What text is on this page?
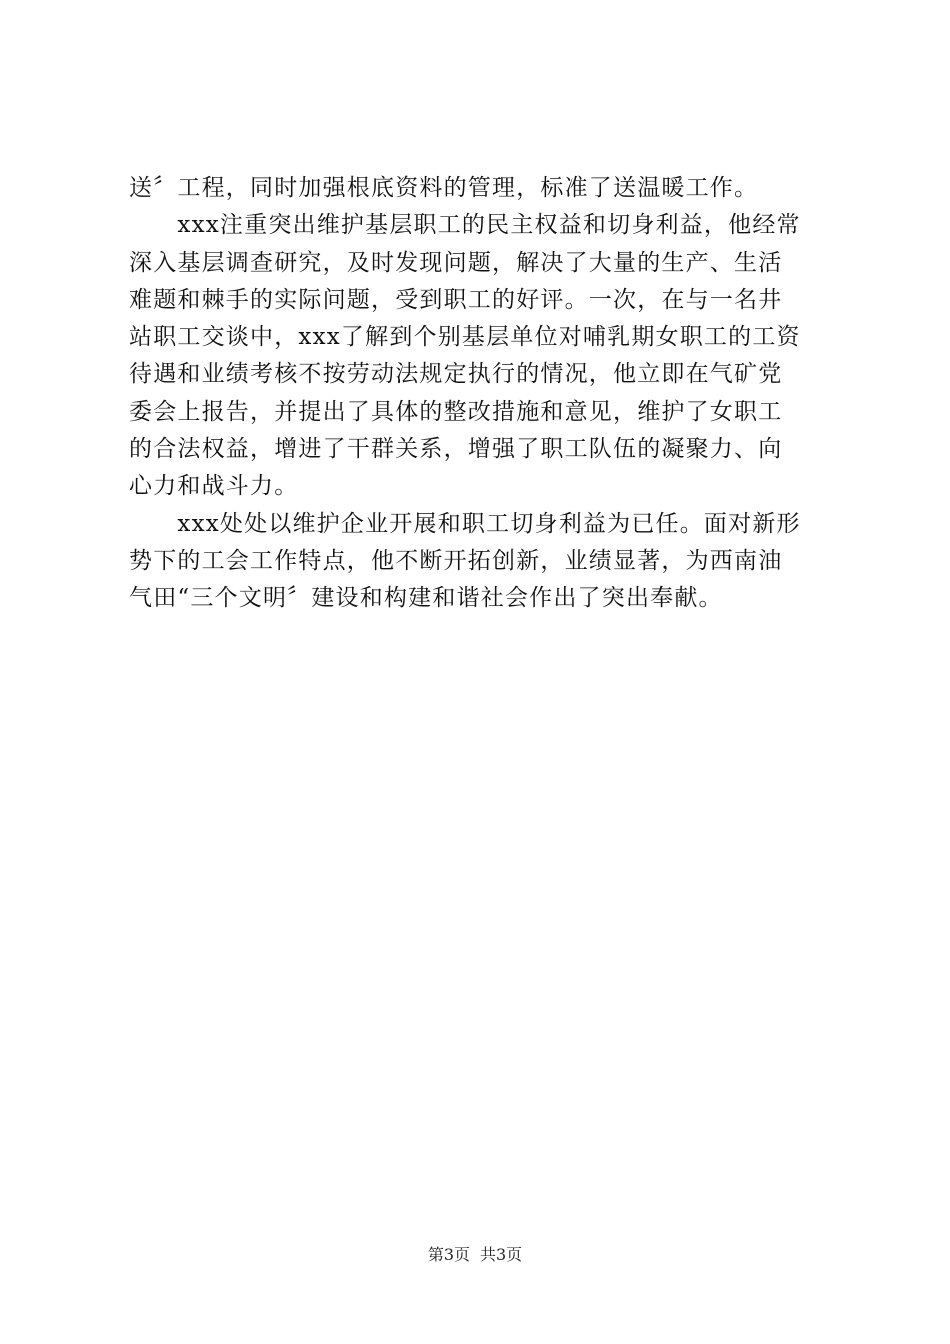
送〞工程，同时加强根底资料的管理，标准了送温暖工作。
　　xxx注重突出维护基层职工的民主权益和切身利益，他经常
深入基层调查研究，及时发现问题，解决了大量的生产、生活
难题和棘手的实际问题，受到职工的好评。一次，在与一名井
站职工交谈中，xxx了解到个别基层单位对哺乳期女职工的工资
待遇和业绩考核不按劳动法规定执行的情况，他立即在气矿党
委会上报告，并提出了具体的整改措施和意见，维护了女职工
的合法权益，增进了干群关系，增强了职工队伍的凝聚力、向
心力和战斗力。
　　xxx处处以维护企业开展和职工切身利益为已任。面对新形
势下的工会工作特点，他不断开拓创新，业绩显著，为西南油
气田“三个文明〞建设和构建和谐社会作出了突出奉献。
第3页 共3页
